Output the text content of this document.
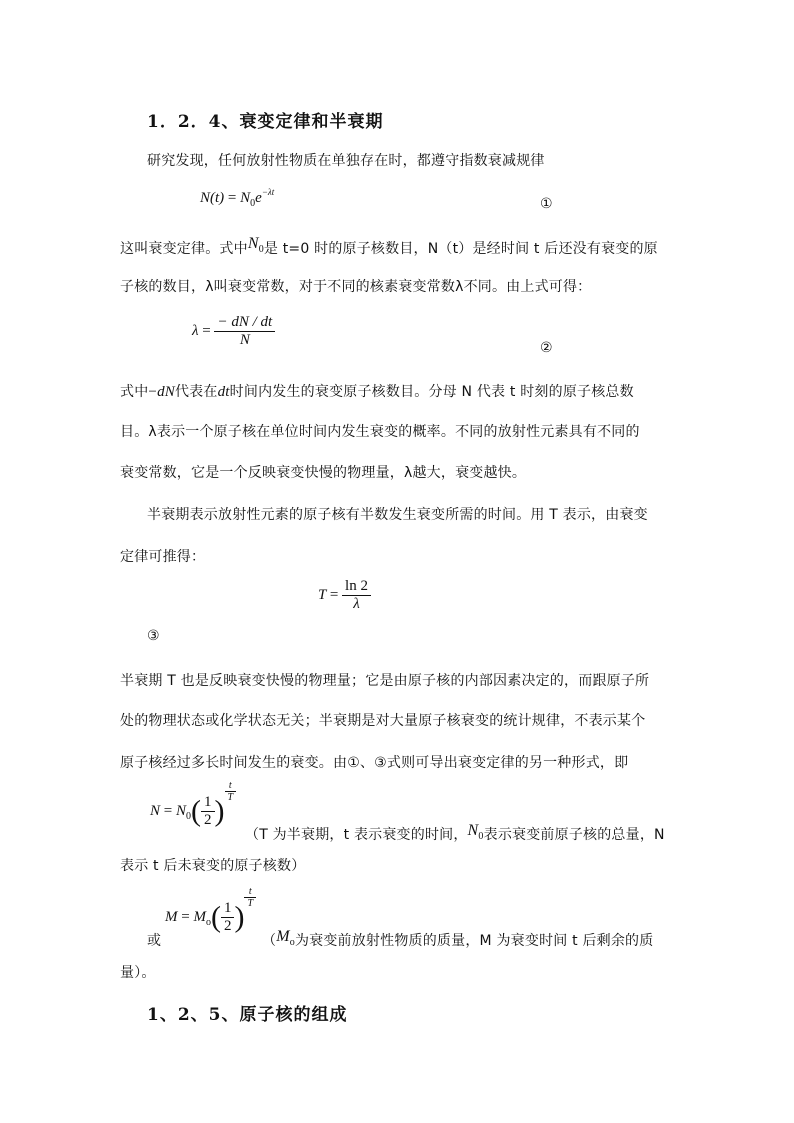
1．2．4、衰变定律和半衰期
研究发现，任何放射性物质在单独存在时，都遵守指数衰减规律
$N(t) = N_0e^{-\lambda t}$
①
这叫衰变定律。式中$N_0$是 t=0 时的原子核数目，N（t）是经时间 t 后还没有衰变的原
子核的数目，λ叫衰变常数，对于不同的核素衰变常数λ不同。由上式可得：
$\lambda = \frac{- dN / dt}{N}$	②
式中−dN代表在dt时间内发生的衰变原子核数目。分母 N 代表 t 时刻的原子核总数
目。λ表示一个原子核在单位时间内发生衰变的概率。不同的放射性元素具有不同的
衰变常数，它是一个反映衰变快慢的物理量，λ越大，衰变越快。
半衰期表示放射性元素的原子核有半数发生衰变所需的时间。用 T 表示，由衰变
定律可推得：
$T = \frac{\ln 2}{\lambda}$
③
半衰期 T 也是反映衰变快慢的物理量；它是由原子核的内部因素决定的，而跟原子所
处的物理状态或化学状态无关；半衰期是对大量原子核衰变的统计规律，不表示某个
原子核经过多长时间发生的衰变。由①、③式则可导出衰变定律的另一种形式，即
$N = N_0( \frac{1}{2}$ )
$\frac{t}{T}$
（T 为半衰期，t 表示衰变的时间，$N_0$表示衰变前原子核的总量，N
表示 t 后未衰变的原子核数）
$M = M_o( \frac{1}{2}$ )
$\frac{t}{T}$
或	（$M_o$为衰变前放射性物质的质量，M 为衰变时间 t 后剩余的质
量）。
1、2、5、原子核的组成
